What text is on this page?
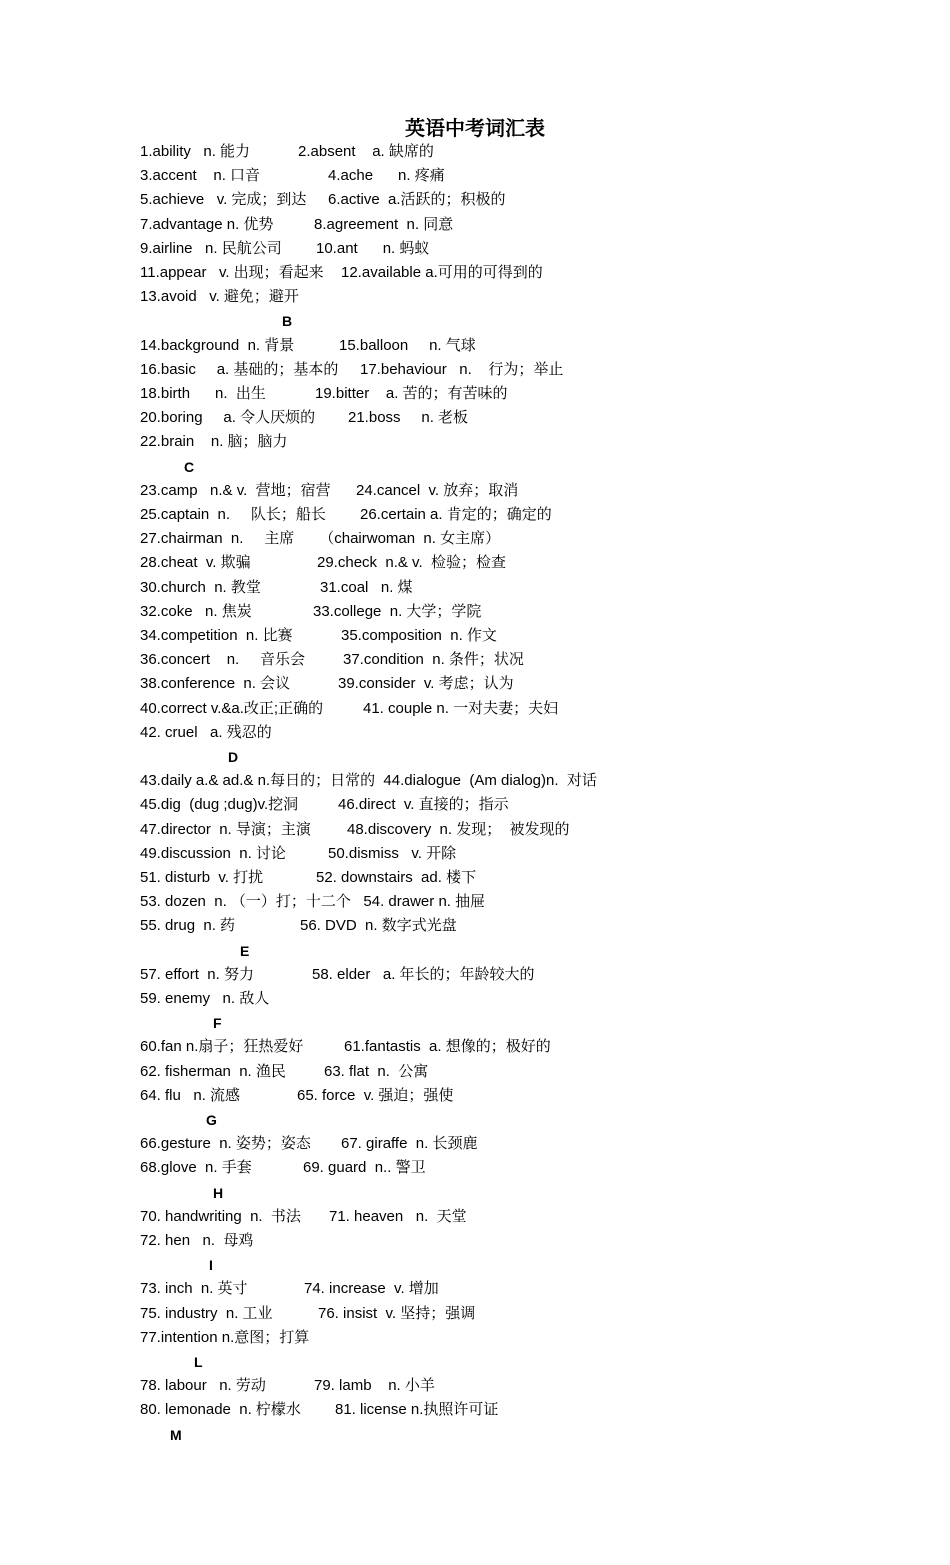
英语中考词汇表
1.ability   n. 能力	2.absent    a. 缺席的
3.accent    n. 口音	4.ache      n. 疼痛
5.achieve   v. 完成；到达 6.active  a.活跃的；积极的
7.advantage n. 优势	8.agreement  n. 同意
9.airline   n. 民航公司 10.ant      n. 蚂蚁
11.appear   v. 出现；看起来 12.available a.可用的可得到的
13.avoid   v. 避免；避开
B
14.background  n. 背景	15.balloon     n. 气球
16.basic     a. 基础的；基本的 17.behaviour   n.    行为；举止
18.birth      n.  出生	19.bitter    a. 苦的；有苦味的
20.boring     a. 令人厌烦的 21.boss     n. 老板
22.brain    n. 脑；脑力
C
23.camp   n.& v.  营地；宿营 24.cancel  v. 放弃；取消
25.captain  n.     队长；船长 26.certain a. 肯定的；确定的
27.chairman  n.     主席      （chairwoman  n. 女主席）
28.cheat  v. 欺骗	29.check  n.& v.  检验；检查
30.church  n. 教堂	31.coal   n. 煤
32.coke   n. 焦炭	33.college  n. 大学；学院
34.competition  n. 比赛	35.composition  n. 作文
36.concert    n.     音乐会	37.condition  n. 条件；状况
38.conference  n. 会议	39.consider  v. 考虑；认为
40.correct v.&a.改正;正确的	41. couple n. 一对夫妻；夫妇
42. cruel   a. 残忍的
D
43.daily a.& ad.& n.每日的；日常的  44.dialogue  (Am dialog)n.  对话
45.dig  (dug ;dug)v.挖洞	46.direct  v. 直接的；指示
47.director  n. 导演；主演 48.discovery  n. 发现；  被发现的
49.discussion  n. 讨论	50.dismiss   v. 开除
51. disturb  v. 打扰	52. downstairs  ad. 楼下
53. dozen  n. （一）打；十二个   54. drawer n. 抽屉
55. drug  n. 药	56. DVD  n. 数字式光盘
E
57. effort  n. 努力	58. elder   a. 年长的；年龄较大的
59. enemy   n. 敌人
F
60.fan n.扇子；狂热爱好	61.fantastis  a. 想像的；极好的
62. fisherman  n. 渔民	63. flat  n.  公寓
64. flu   n. 流感	65. force  v. 强迫；强使
G
66.gesture  n. 姿势；姿态 67. giraffe  n. 长颈鹿
68.glove  n. 手套	69. guard  n.. 警卫
H
70. handwriting  n.  书法 71. heaven   n.  天堂
72. hen   n.  母鸡
I
73. inch  n. 英寸	74. increase  v. 增加
75. industry  n. 工业	76. insist  v. 坚持；强调
77.intention n.意图；打算
L
78. labour   n. 劳动	79. lamb    n. 小羊
80. lemonade  n. 柠檬水 81. license n.执照许可证
M
